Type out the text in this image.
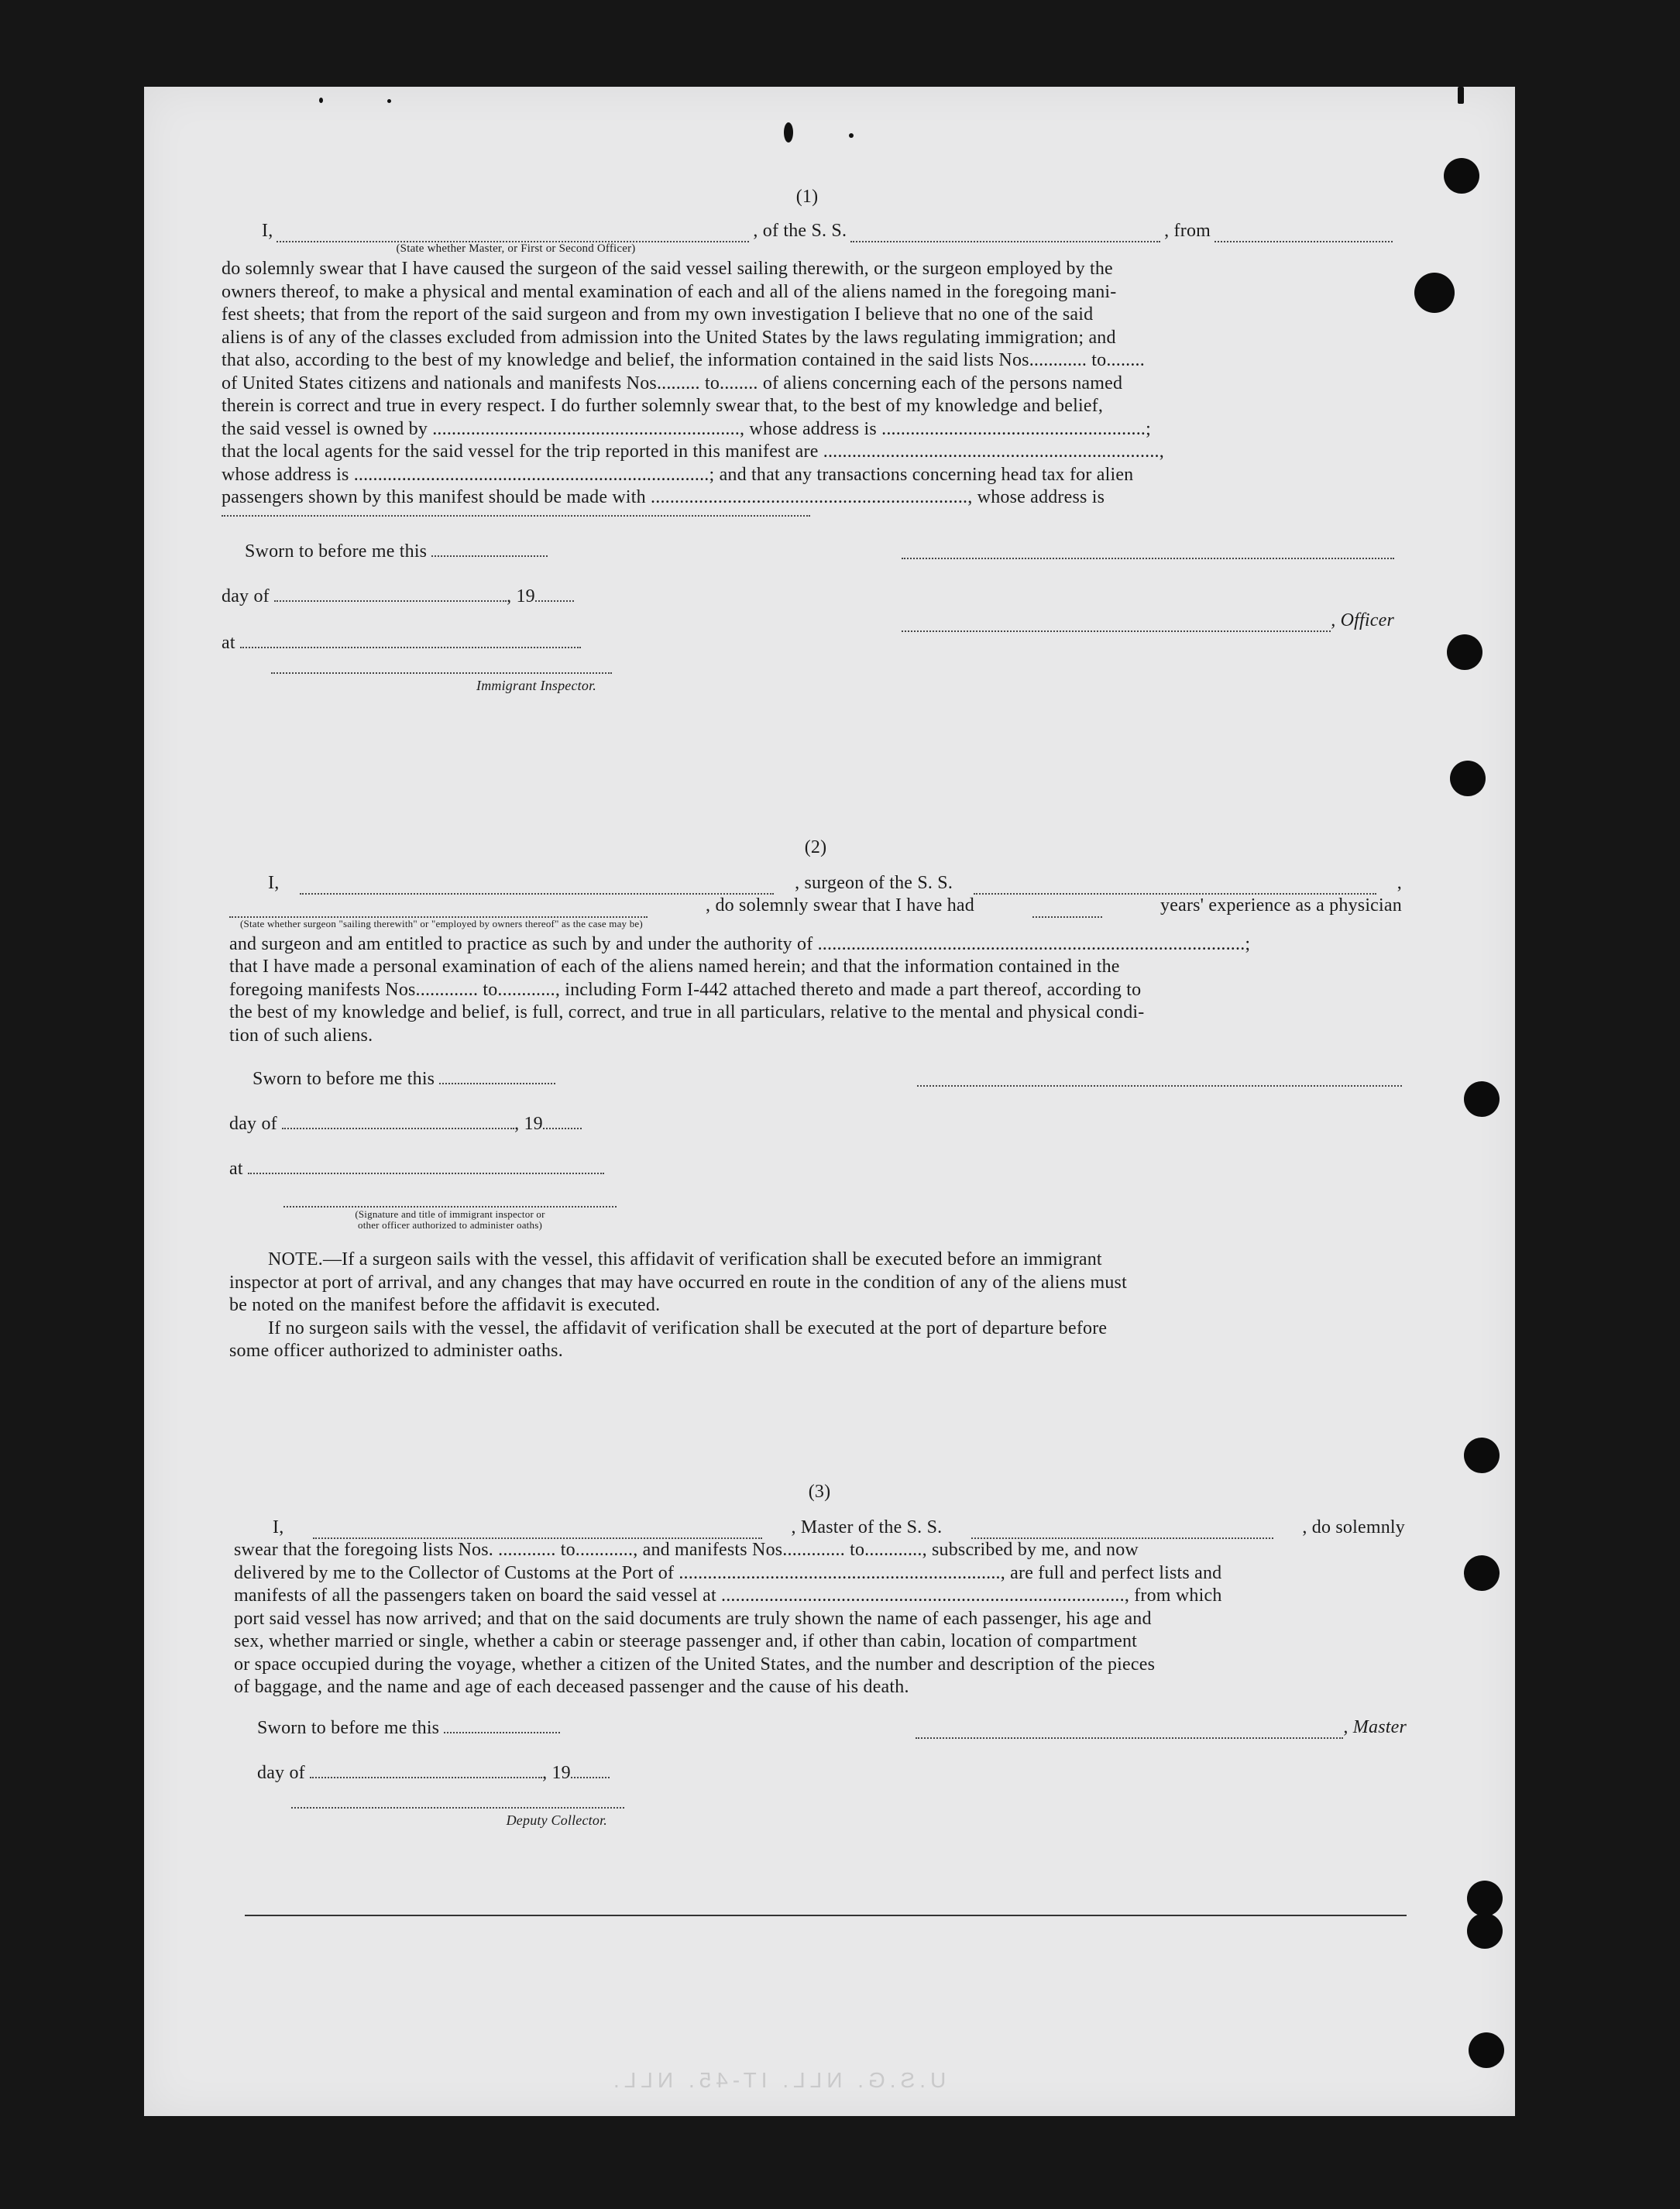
(1)
I,	, of the S. S.	, from
(State whether Master, or First or Second Officer)

do solemnly swear that I have caused the surgeon of the said vessel sailing therewith, or the surgeon employed by the

owners thereof, to make a physical and mental examination of each and all of the aliens named in the foregoing mani-

fest sheets; that from the report of the said surgeon and from my own investigation I believe that no one of the said

aliens is of any of the classes excluded from admission into the United States by the laws regulating immigration; and

that also, according to the best of my knowledge and belief, the information contained in the said lists Nos............ to........

of United States citizens and nationals and manifests Nos......... to........ of aliens concerning each of the persons named

therein is correct and true in every respect. I do further solemnly swear that, to the best of my knowledge and belief,

the said vessel is owned by ................................................................, whose address is .......................................................;

that the local agents for the said vessel for the trip reported in this manifest are ......................................................................,

whose address is ..........................................................................; and that any transactions concerning head tax for alien

passengers shown by this manifest should be made with .................................................................., whose address is

Sworn to before me this
day of	, 19
at
Immigrant Inspector.
, Officer
(2)
I,	, surgeon of the S. S.	,
, do solemnly swear that I have had	years' experience as a physician
(State whether surgeon "sailing therewith" or "employed by owners thereof" as the case may be)

and surgeon and am entitled to practice as such by and under the authority of .........................................................................................;

that I have made a personal examination of each of the aliens named herein; and that the information contained in the

foregoing manifests Nos............. to............, including Form I-442 attached thereto and made a part thereof, according to

the best of my knowledge and belief, is full, correct, and true in all particulars, relative to the mental and physical condi-

tion of such aliens.

Sworn to before me this
day of	, 19
at
(Signature and title of immigrant inspector or other officer authorized to administer oaths)

NOTE.—If a surgeon sails with the vessel, this affidavit of verification shall be executed before an immigrant

inspector at port of arrival, and any changes that may have occurred en route in the condition of any of the aliens must

be noted on the manifest before the affidavit is executed.

If no surgeon sails with the vessel, the affidavit of verification shall be executed at the port of departure before

some officer authorized to administer oaths.

(3)
I,	, Master of the S. S.	, do solemnly

swear that the foregoing lists Nos. ............ to............, and manifests Nos............. to............, subscribed by me, and now

delivered by me to the Collector of Customs at the Port of ..................................................................., are full and perfect lists and

manifests of all the passengers taken on board the said vessel at ...................................................................................., from which

port said vessel has now arrived; and that on the said documents are truly shown the name of each passenger, his age and

sex, whether married or single, whether a cabin or steerage passenger and, if other than cabin, location of compartment

or space occupied during the voyage, whether a citizen of the United States, and the number and description of the pieces

of baggage, and the name and age of each deceased passenger and the cause of his death.

Sworn to before me this
day of	, 19
Deputy Collector.
, Master
U.S.G. NLL. IT-45. NLL.
